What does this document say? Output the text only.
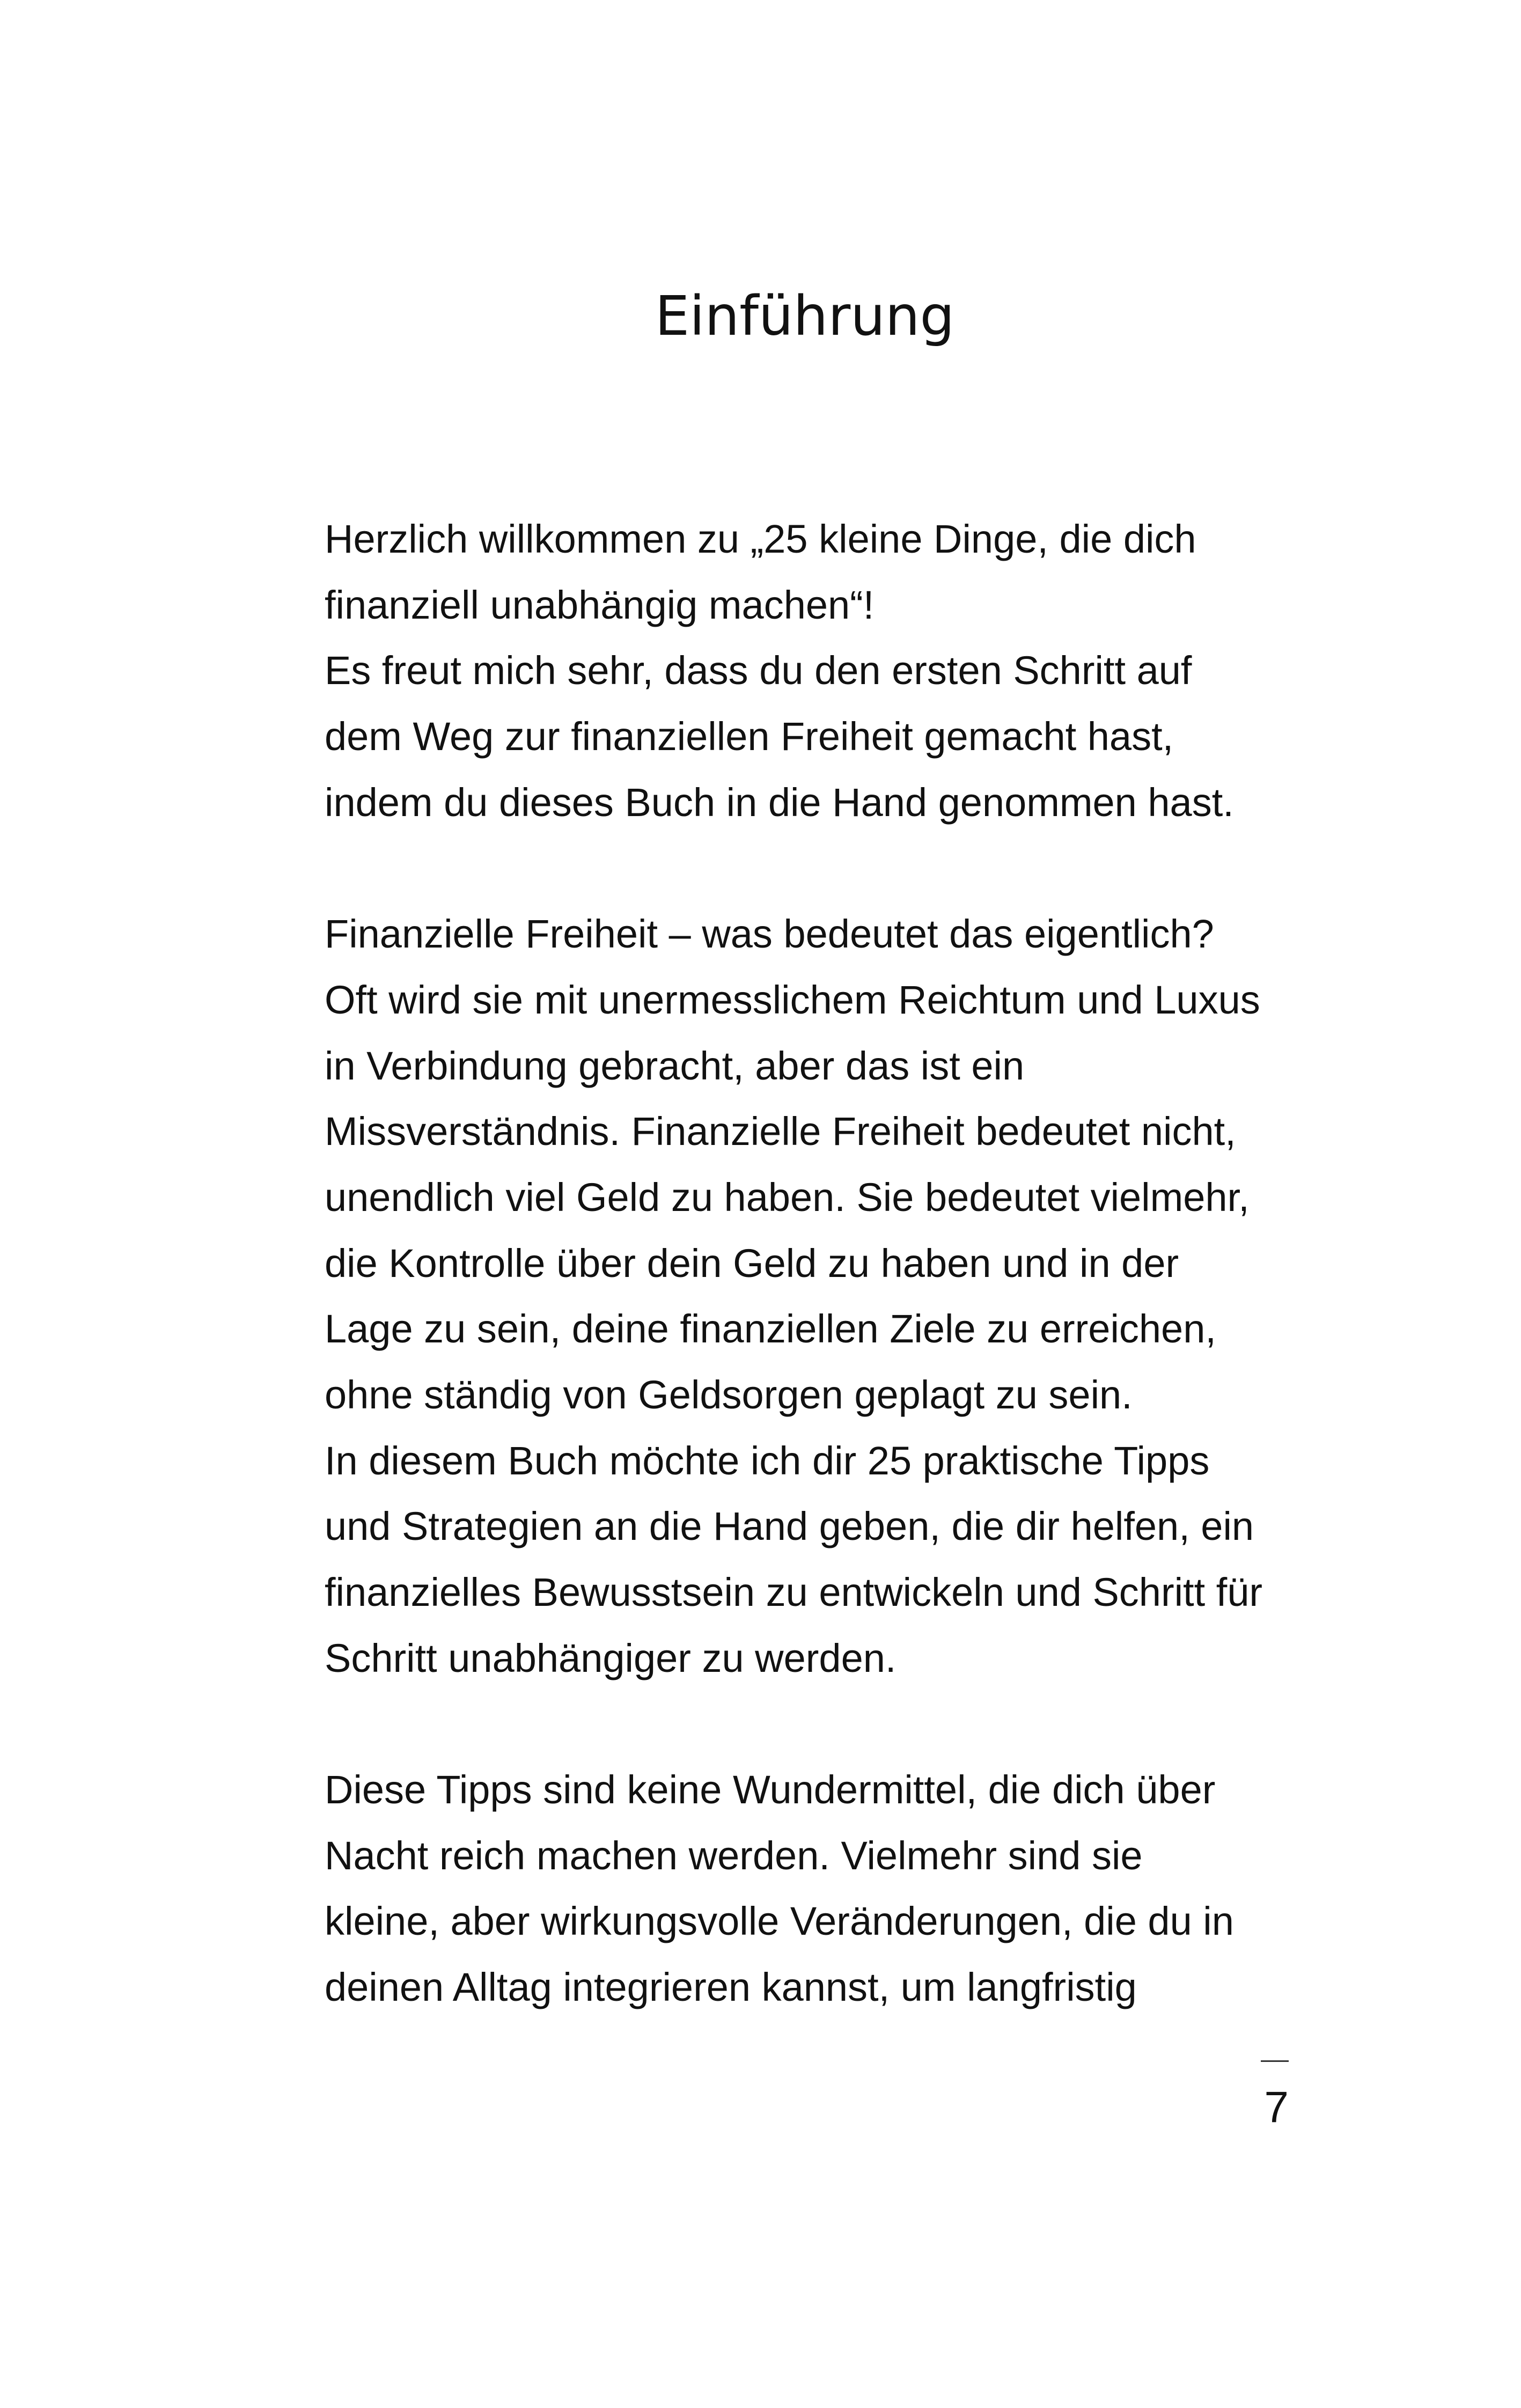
Einführung
Herzlich willkommen zu „25 kleine Dinge, die dich
finanziell unabhängig machen“!
Es freut mich sehr, dass du den ersten Schritt auf
dem Weg zur finanziellen Freiheit gemacht hast,
indem du dieses Buch in die Hand genommen hast.
Finanzielle Freiheit – was bedeutet das eigentlich?
Oft wird sie mit unermesslichem Reichtum und Luxus
in Verbindung gebracht, aber das ist ein
Missverständnis. Finanzielle Freiheit bedeutet nicht,
unendlich viel Geld zu haben. Sie bedeutet vielmehr,
die Kontrolle über dein Geld zu haben und in der
Lage zu sein, deine finanziellen Ziele zu erreichen,
ohne ständig von Geldsorgen geplagt zu sein.
In diesem Buch möchte ich dir 25 praktische Tipps
und Strategien an die Hand geben, die dir helfen, ein
finanzielles Bewusstsein zu entwickeln und Schritt für
Schritt unabhängiger zu werden.
Diese Tipps sind keine Wundermittel, die dich über
Nacht reich machen werden. Vielmehr sind sie
kleine, aber wirkungsvolle Veränderungen, die du in
deinen Alltag integrieren kannst, um langfristig
7
